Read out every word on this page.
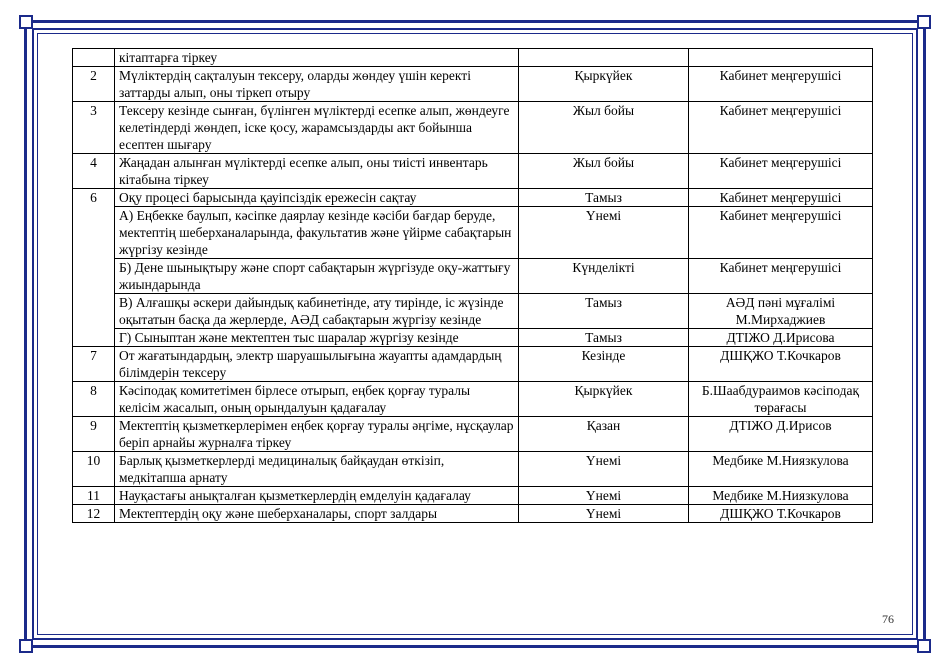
	кітаптарға тіркеу		
2	Мүліктердің сақталуын тексеру, оларды жөндеу үшін керекті заттарды алып, оны тіркеп отыру	Қыркүйек	Кабинет меңгерушісі
3	Тексеру кезінде сынған, бүлінген мүліктерді есепке алып, жөндеуге келетіндерді жөндеп, іске қосу, жарамсыздарды акт бойынша есептен шығару	Жыл бойы	Кабинет меңгерушісі
4	Жаңадан алынған мүліктерді есепке алып, оны тиісті инвентарь кітабына тіркеу	Жыл бойы	Кабинет меңгерушісі
6	Оқу процесі барысында қауіпсіздік ережесін сақтау	Тамыз	Кабинет меңгерушісі
	А) Еңбекке баулып, кәсіпке даярлау кезінде кәсіби бағдар беруде, мектептің шеберханаларында, факультатив және үйірме сабақтарын жүргізу кезінде	Үнемі	Кабинет меңгерушісі
	Б) Дене шынықтыру және спорт сабақтарын жүргізуде оқу-жаттығу жиындарында	Күнделікті	Кабинет меңгерушісі
	В) Алғашқы әскери дайындық кабинетінде, ату тирінде, іс жүзінде оқытатын басқа да жерлерде, АӘД сабақтарын жүргізу кезінде	Тамыз	АӘД пәні мұғалімі М.Мирхаджиев
	Г) Сыныптан және мектептен тыс шаралар жүргізу кезінде	Тамыз	ДТІЖО Д.Ирисова
7	От жағатындардың, электр шаруашылығына жауапты адамдардың білімдерін тексеру	Кезінде	ДШҚЖО Т.Кочкаров
8	Кәсіподақ комитетімен бірлесе отырып, еңбек қорғау туралы келісім жасалып, оның орындалуын қадағалау	Қыркүйек	Б.Шаабдураимов кәсіподақ төрағасы
9	Мектептің қызметкерлерімен еңбек қорғау туралы әңгіме, нұсқаулар беріп арнайы журналға тіркеу	Қазан	ДТІЖО Д.Ирисов
10	Барлық қызметкерлерді медициналық байқаудан өткізіп, медкітапша арнату	Үнемі	Медбике М.Ниязкулова
11	Науқастағы анықталған қызметкерлердің емделуін қадағалау	Үнемі	Медбике М.Ниязкулова
12	Мектептердің оқу және шеберханалары, спорт залдары	Үнемі	ДШҚЖО Т.Кочкаров
76
